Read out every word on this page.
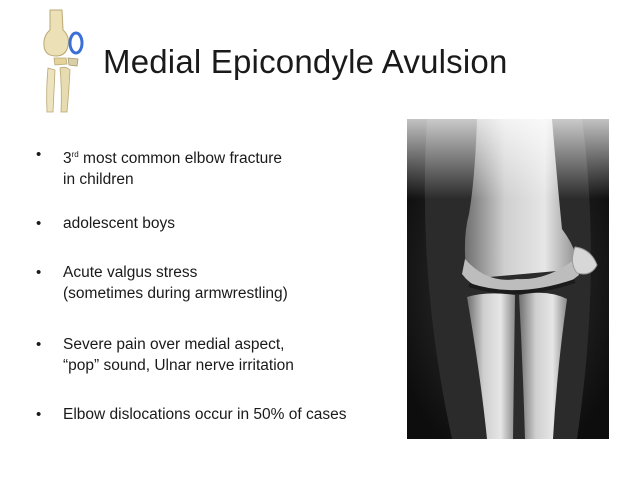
Medial Epicondyle Avulsion
• 3rd most common elbow fracture
in children
• adolescent boys
• Acute valgus stress
(sometimes during armwrestling)
• Severe pain over medial aspect,
“pop” sound, Ulnar nerve irritation
• Elbow dislocations occur in 50% of cases
